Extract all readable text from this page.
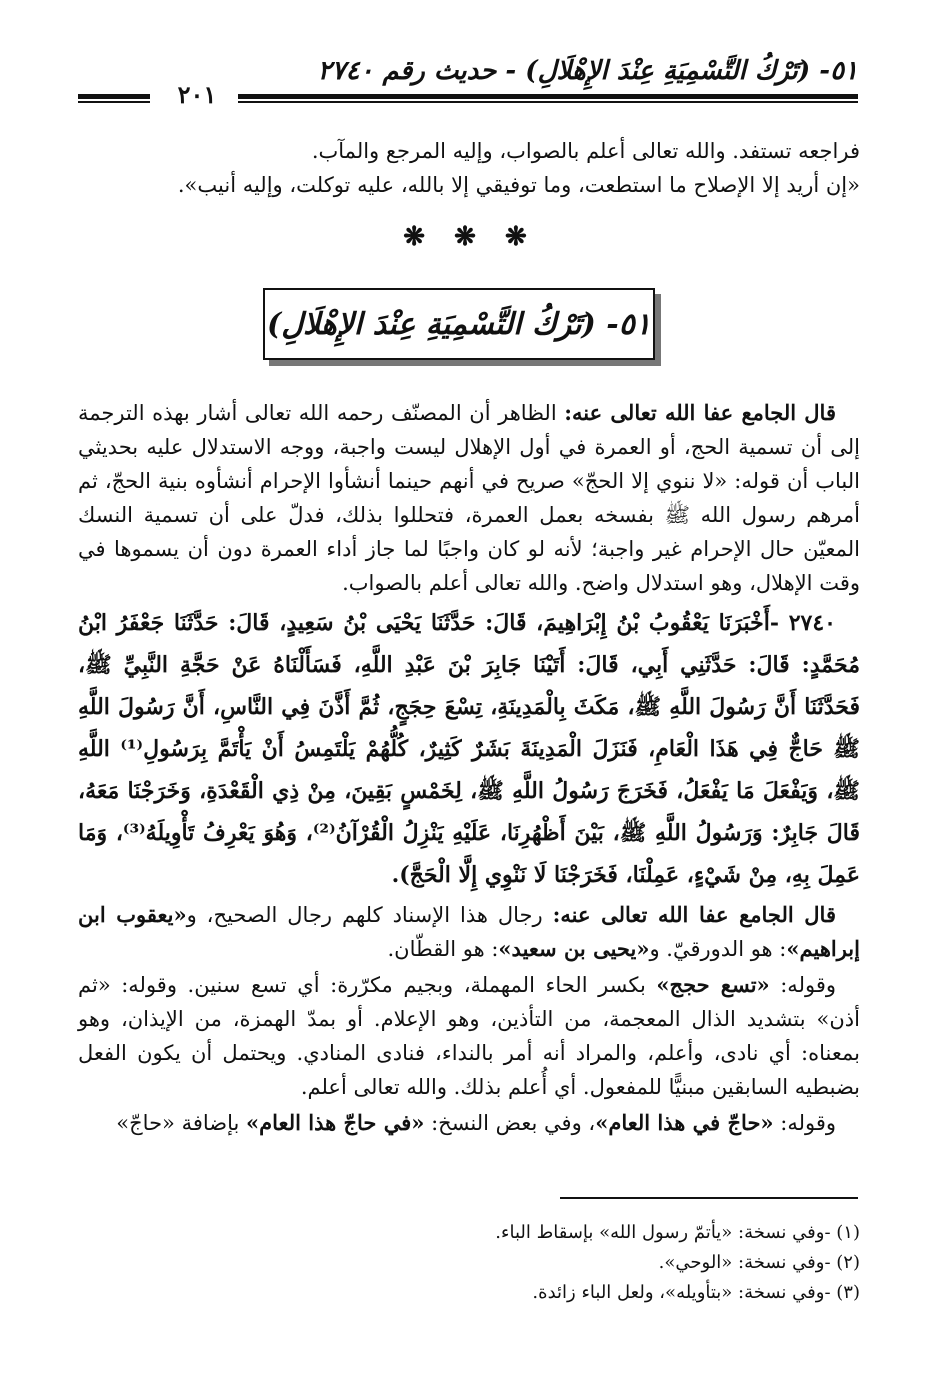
٥١- (تَرْكُ التَّسْمِيَةِ عِنْدَ الإِهْلَالِ) - حديث رقم ٢٧٤٠
٢٠١

فراجعه تستفد. والله تعالى أعلم بالصواب، وإليه المرجع والمآب.

«إن أريد إلا الإصلاح ما استطعت، وما توفيقي إلا بالله، عليه توكلت، وإليه أنيب».

❋ ❋ ❋
٥١- (تَرْكُ التَّسْمِيَةِ عِنْدَ الإِهْلَالِ)

قال الجامع عفا الله تعالى عنه: الظاهر أن المصنّف رحمه الله تعالى أشار بهذه الترجمة إلى أن تسمية الحج، أو العمرة في أول الإهلال ليست واجبة، ووجه الاستدلال عليه بحديثي الباب أن قوله: «لا ننوي إلا الحجّ» صريح في أنهم حينما أنشأوا الإحرام أنشأوه بنية الحجّ، ثم أمرهم رسول الله ﷺ بفسخه بعمل العمرة، فتحللوا بذلك، فدلّ على أن تسمية النسك المعيّن حال الإحرام غير واجبة؛ لأنه لو كان واجبًا لما جاز أداء العمرة دون أن يسموها في وقت الإهلال، وهو استدلال واضح. والله تعالى أعلم بالصواب.

٢٧٤٠ -أَخْبَرَنَا يَعْقُوبُ بْنُ إِبْرَاهِيمَ، قَالَ: حَدَّثَنَا يَحْيَى بْنُ سَعِيدٍ، قَالَ: حَدَّثَنَا جَعْفَرُ ابْنُ مُحَمَّدٍ: قَالَ: حَدَّثَنِي أَبِي، قَالَ: أَتَيْنَا جَابِرَ بْنَ عَبْدِ اللَّهِ، فَسَأَلْنَاهُ عَنْ حَجَّةِ النَّبِيِّ ﷺ، فَحَدَّثَنَا أَنَّ رَسُولَ اللَّهِ ﷺ، مَكَثَ بِالْمَدِينَةِ، تِسْعَ حِجَجٍ، ثُمَّ أَذَّنَ فِي النَّاسِ، أَنَّ رَسُولَ اللَّهِ ﷺ حَاجٌّ فِي هَذَا الْعَامِ، فَنَزَلَ الْمَدِينَةَ بَشَرٌ كَثِيرٌ، كُلُّهُمْ يَلْتَمِسُ أَنْ يَأْتَمَّ بِرَسُولِ⁽¹⁾ اللَّهِ ﷺ، وَيَفْعَلَ مَا يَفْعَلُ، فَخَرَجَ رَسُولُ اللَّهِ ﷺ، لِخَمْسٍ بَقِينَ، مِنْ ذِي الْقَعْدَةِ، وَخَرَجْنَا مَعَهُ، قَالَ جَابِرٌ: وَرَسُولُ اللَّهِ ﷺ، بَيْنَ أَظْهُرِنَا، عَلَيْهِ يَنْزِلُ الْقُرْآنُ⁽²⁾، وَهُوَ يَعْرِفُ تَأْوِيلَهُ⁽³⁾، وَمَا عَمِلَ بِهِ، مِنْ شَيْءٍ، عَمِلْنَا، فَخَرَجْنَا لَا نَنْوِي إِلَّا الْحَجَّ).

قال الجامع عفا الله تعالى عنه: رجال هذا الإسناد كلهم رجال الصحيح، و«يعقوب ابن إبراهيم»: هو الدورقيّ. و«يحيى بن سعيد»: هو القطّان.

وقوله: «تسع حجج» بكسر الحاء المهملة، وبجيم مكرّرة: أي تسع سنين. وقوله: «ثم أذن» بتشديد الذال المعجمة، من التأذين، وهو الإعلام. أو بمدّ الهمزة، من الإيذان، وهو بمعناه: أي نادى، وأعلم، والمراد أنه أمر بالنداء، فنادى المنادي. ويحتمل أن يكون الفعل بضبطيه السابقين مبنيًّا للمفعول. أي أُعلم بذلك. والله تعالى أعلم.

وقوله: «حاجّ في هذا العام»، وفي بعض النسخ: «في حاجّ هذا العام» بإضافة «حاجّ»

(١) -وفي نسخة: «يأتمّ رسول الله» بإسقاط الباء.

(٢) -وفي نسخة: «الوحي».

(٣) -وفي نسخة: «بتأويله»، ولعل الباء زائدة.
